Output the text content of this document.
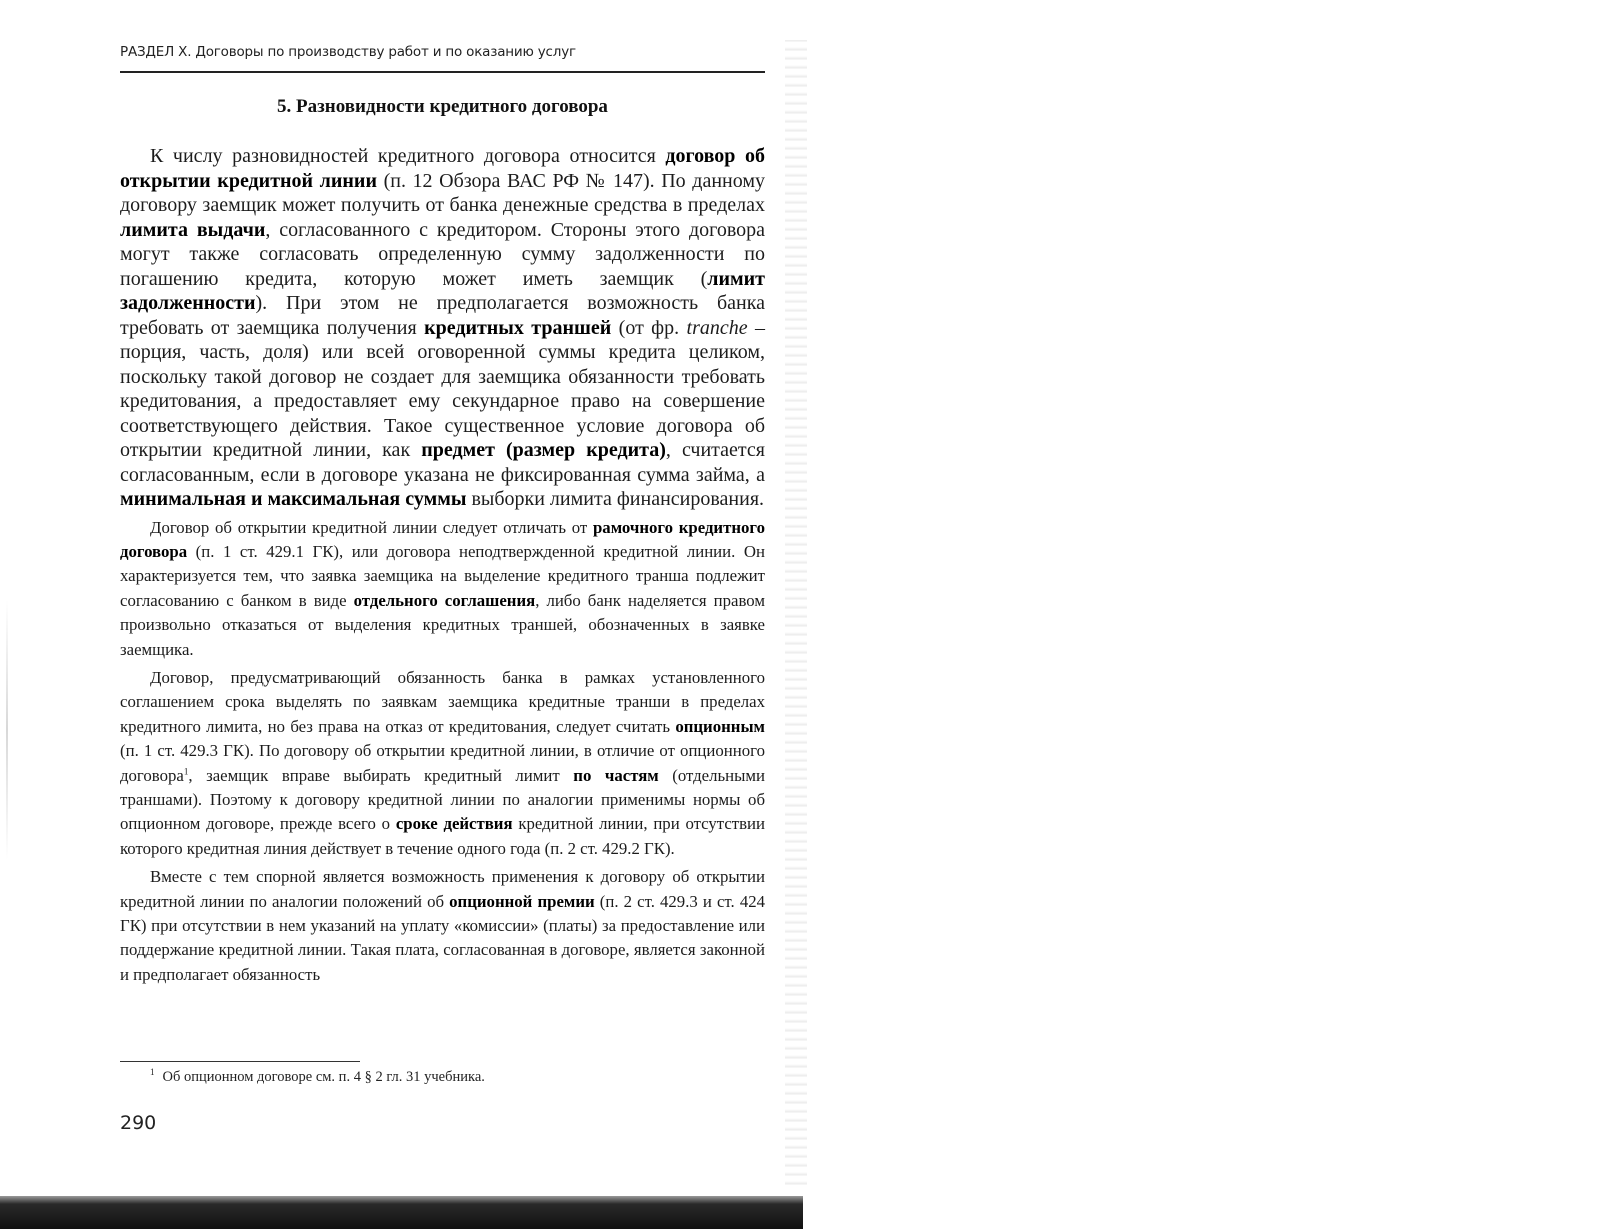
РАЗДЕЛ X. Договоры по производству работ и по оказанию услуг
5. Разновидности кредитного договора

К числу разновидностей кредитного договора относится договор об открытии кредитной линии (п. 12 Обзора ВАС РФ № 147). По данному договору заемщик может получить от банка денежные средства в пределах лимита выдачи, согласованного с кредитором. Стороны этого договора могут также согласовать определенную сумму задолженности по погашению кредита, которую может иметь заемщик (лимит задолженности). При этом не предполагается возможность банка требовать от заемщика получения кредитных траншей (от фр. tranche – порция, часть, доля) или всей оговоренной суммы кредита целиком, поскольку такой договор не создает для заемщика обязанности требовать кредитования, а предоставляет ему секундарное право на совершение соответствующего действия. Такое существенное условие договора об открытии кредитной линии, как предмет (размер кредита), считается согласованным, если в договоре указана не фиксированная сумма займа, а минимальная и максимальная суммы выборки лимита финансирования.

Договор об открытии кредитной линии следует отличать от рамочного кредитного договора (п. 1 ст. 429.1 ГК), или договора неподтвержденной кредитной линии. Он характеризуется тем, что заявка заемщика на выделение кредитного транша подлежит согласованию с банком в виде отдельного соглашения, либо банк наделяется правом произвольно отказаться от выделения кредитных траншей, обозначенных в заявке заемщика.

Договор, предусматривающий обязанность банка в рамках установленного соглашением срока выделять по заявкам заемщика кредитные транши в пределах кредитного лимита, но без права на отказ от кредитования, следует считать опционным (п. 1 ст. 429.3 ГК). По договору об открытии кредитной линии, в отличие от опционного договора$^1$, заемщик вправе выбирать кредитный лимит по частям (отдельными траншами). Поэтому к договору кредитной линии по аналогии применимы нормы об опционном договоре, прежде всего о сроке действия кредитной линии, при отсутствии которого кредитная линия действует в течение одного года (п. 2 ст. 429.2 ГК).

Вместе с тем спорной является возможность применения к договору об открытии кредитной линии по аналогии положений об опционной премии (п. 2 ст. 429.3 и ст. 424 ГК) при отсутствии в нем указаний на уплату «комиссии» (платы) за предоставление или поддержание кредитной линии. Такая плата, согласованная в договоре, является законной и предполагает обязанность

$^1$ Об опционном договоре см. п. 4 § 2 гл. 31 учебника.
290
